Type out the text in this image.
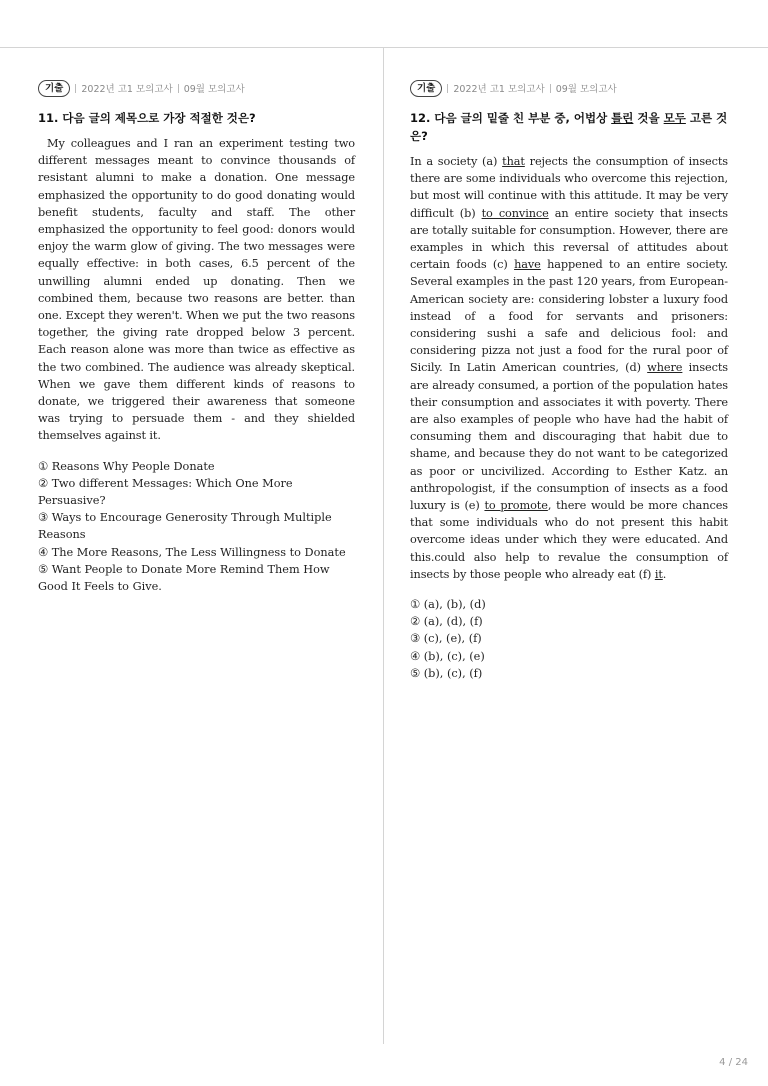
기출	2022년 고1 모의고사 09월 모의고사
11. 다음 글의 제목으로 가장 적절한 것은?
My colleagues and I ran an experiment testing two different messages meant to convince thousands of resistant alumni to make a donation. One message emphasized the opportunity to do good donating would benefit students, faculty and staff. The other emphasized the opportunity to feel good: donors would enjoy the warm glow of giving. The two messages were equally effective: in both cases, 6.5 percent of the unwilling alumni ended up donating. Then we combined them, because two reasons are better. than one. Except they weren't. When we put the two reasons together, the giving rate dropped below 3 percent. Each reason alone was more than twice as effective as the two combined. The audience was already skeptical. When we gave them different kinds of reasons to donate, we triggered their awareness that someone was trying to persuade them - and they shielded themselves against it.
① Reasons Why People Donate
② Two different Messages: Which One More Persuasive?
③ Ways to Encourage Generosity Through Multiple Reasons
④ The More Reasons, The Less Willingness to Donate
⑤ Want People to Donate More Remind Them How Good It Feels to Give.
기출	2022년 고1 모의고사 09월 모의고사
12. 다음 글의 밑줄 친 부분 중, 어법상 틀린 것을 모두 고른 것은?
In a society (a) that rejects the consumption of insects there are some individuals who overcome this rejection, but most will continue with this attitude. It may be very difficult (b) to convince an entire society that insects are totally suitable for consumption. However, there are examples in which this reversal of attitudes about certain foods (c) have happened to an entire society. Several examples in the past 120 years, from European-American society are: considering lobster a luxury food instead of a food for servants and prisoners: considering sushi a safe and delicious fool: and considering pizza not just a food for the rural poor of Sicily. In Latin American countries, (d) where insects are already consumed, a portion of the population hates their consumption and associates it with poverty. There are also examples of people who have had the habit of consuming them and discouraging that habit due to shame, and because they do not want to be categorized as poor or uncivilized. According to Esther Katz. an anthropologist, if the consumption of insects as a food luxury is (e) to promote, there would be more chances that some individuals who do not present this habit overcome ideas under which they were educated. And this.could also help to revalue the consumption of insects by those people who already eat (f) it.
① (a), (b), (d)
② (a), (d), (f)
③ (c), (e), (f)
④ (b), (c), (e)
⑤ (b), (c), (f)
4 / 24
